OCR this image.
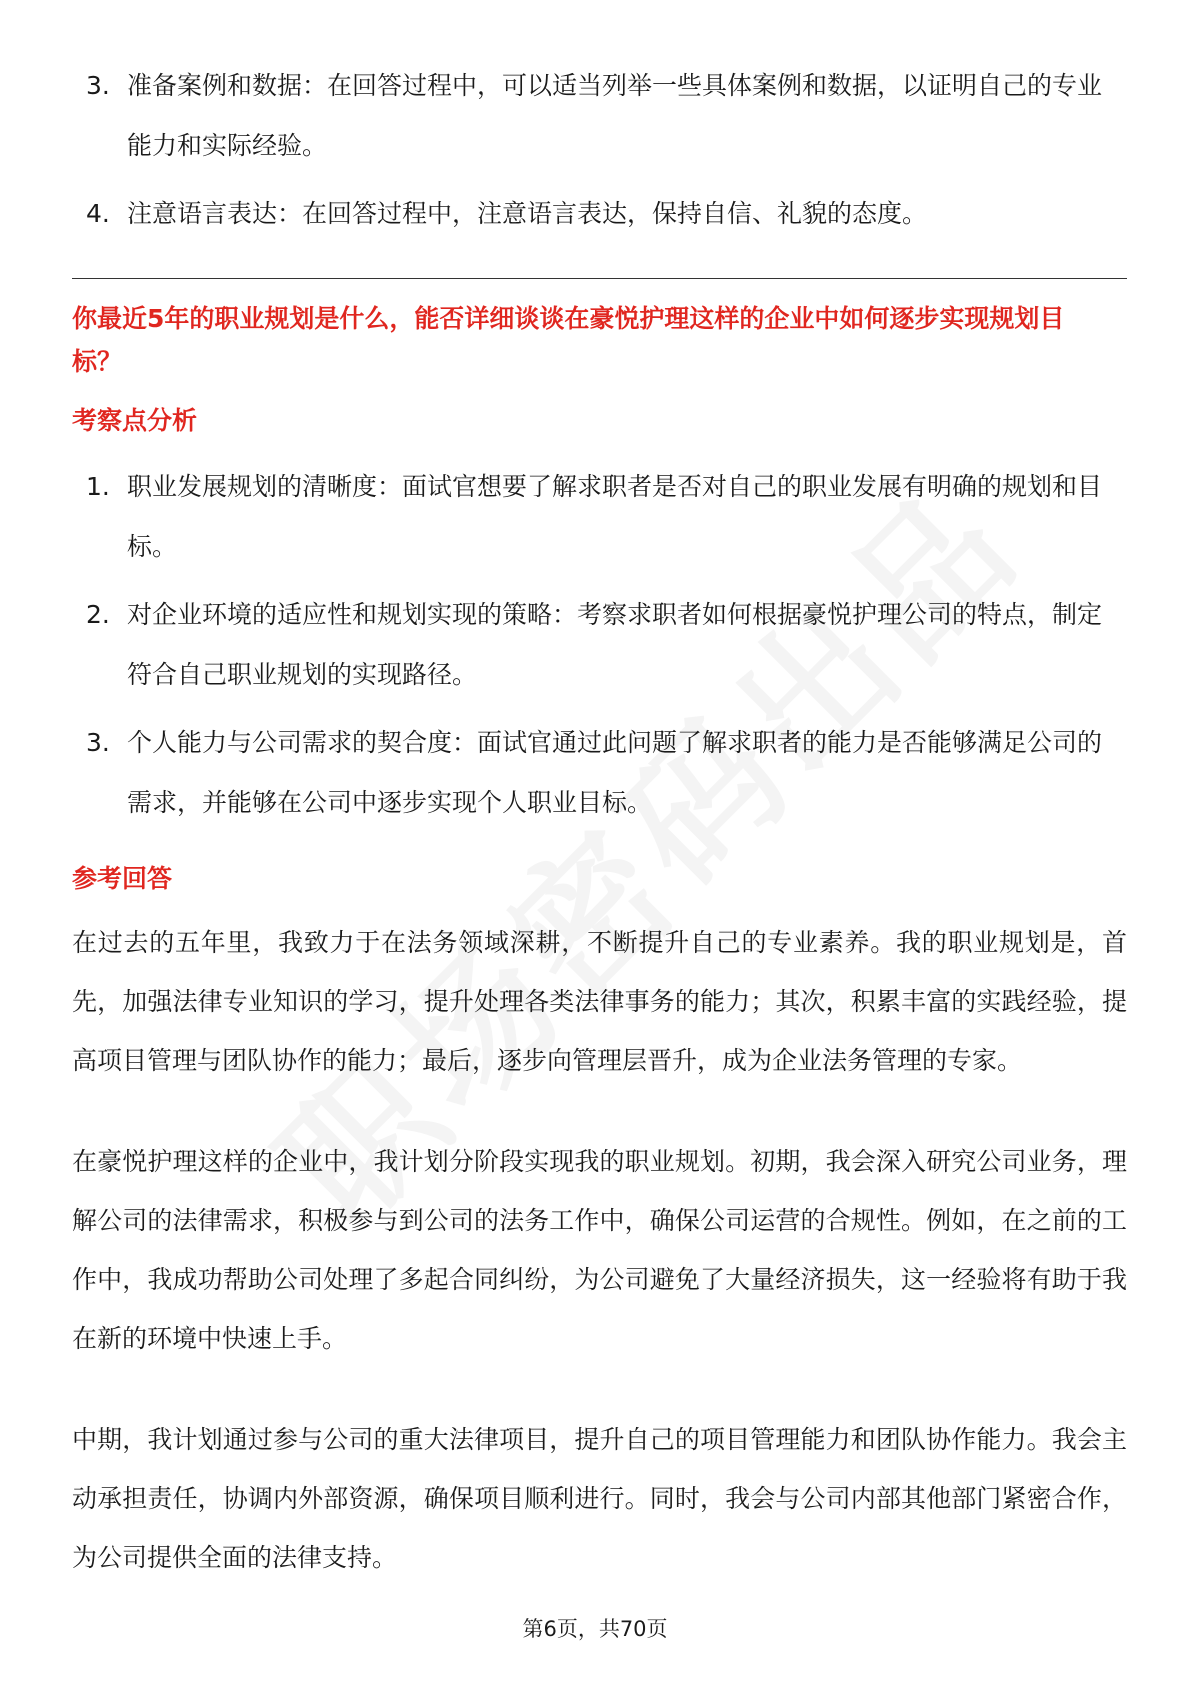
3. 准备案例和数据：在回答过程中，可以适当列举一些具体案例和数据，以证明自己的专业能力和实际经验。
4. 注意语言表达：在回答过程中，注意语言表达，保持自信、礼貌的态度。
你最近5年的职业规划是什么，能否详细谈谈在豪悦护理这样的企业中如何逐步实现规划目标？
考察点分析
1. 职业发展规划的清晰度：面试官想要了解求职者是否对自己的职业发展有明确的规划和目标。
2. 对企业环境的适应性和规划实现的策略：考察求职者如何根据豪悦护理公司的特点，制定符合自己职业规划的实现路径。
3. 个人能力与公司需求的契合度：面试官通过此问题了解求职者的能力是否能够满足公司的需求，并能够在公司中逐步实现个人职业目标。
参考回答

在过去的五年里，我致力于在法务领域深耕，不断提升自己的专业素养。我的职业规划是，首先，加强法律专业知识的学习，提升处理各类法律事务的能力；其次，积累丰富的实践经验，提高项目管理与团队协作的能力；最后，逐步向管理层晋升，成为企业法务管理的专家。

在豪悦护理这样的企业中，我计划分阶段实现我的职业规划。初期，我会深入研究公司业务，理解公司的法律需求，积极参与到公司的法务工作中，确保公司运营的合规性。例如，在之前的工作中，我成功帮助公司处理了多起合同纠纷，为公司避免了大量经济损失，这一经验将有助于我在新的环境中快速上手。

中期，我计划通过参与公司的重大法律项目，提升自己的项目管理能力和团队协作能力。我会主动承担责任，协调内外部资源，确保项目顺利进行。同时，我会与公司内部其他部门紧密合作，为公司提供全面的法律支持。

第6页，共70页
